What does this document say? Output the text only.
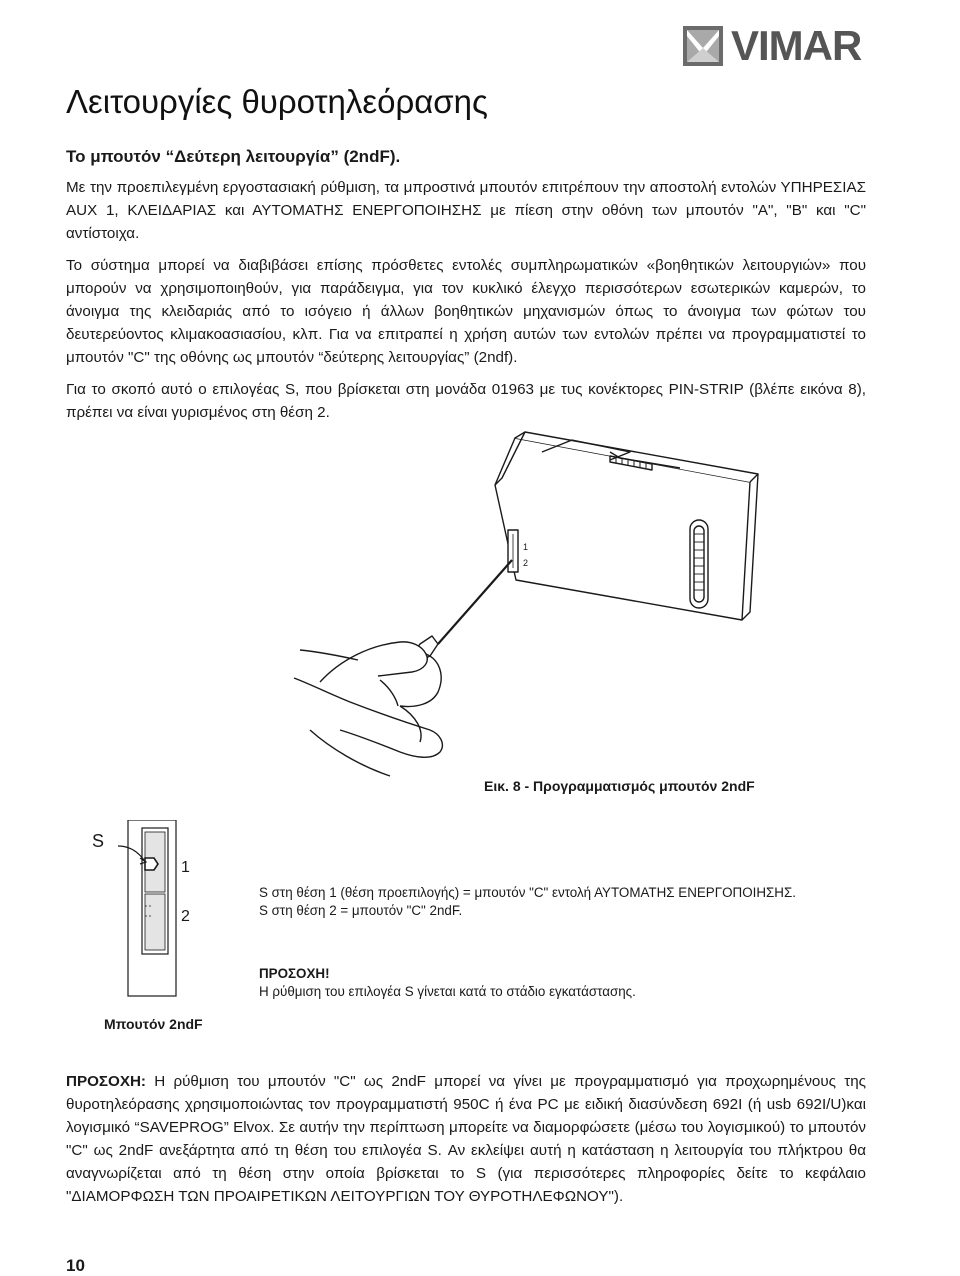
VIMAR
Λειτουργίες θυροτηλεόρασης
Το μπουτόν “Δεύτερη λειτουργία” (2ndF).

Με την προεπιλεγμένη εργοστασιακή ρύθμιση, τα μπροστινά μπουτόν επιτρέπουν την αποστολή εντολών ΥΠΗΡΕΣΙΑΣ AUX 1, ΚΛΕΙΔΑΡΙΑΣ και ΑΥΤΟΜΑΤΗΣ ΕΝΕΡΓΟΠΟΙΗΣΗΣ με πίεση στην οθόνη των μπουτόν "A", "B" και "C" αντίστοιχα.

Το σύστημα μπορεί να διαβιβάσει επίσης πρόσθετες εντολές συμπληρωματικών «βοηθητικών λειτουργιών» που μπορούν να χρησιμοποιηθούν, για παράδειγμα, για τον κυκλικό έλεγχο περισσότερων εσωτερικών καμερών, το άνοιγμα της κλειδαριάς από το ισόγειο ή άλλων βοηθητικών μηχανισμών όπως το άνοιγμα των φώτων του δευτερεύοντος κλιμακοασιασίου, κλπ. Για να επιτραπεί η χρήση αυτών των εντολών πρέπει να προγραμματιστεί το μπουτόν "C" της οθόνης ως μπουτόν “δεύτερης λειτουργίας” (2ndf).

Για το σκοπό αυτό ο επιλογέας S, που βρίσκεται στη μονάδα 01963 με τυς κονέκτορες PIN-STRIP (βλέπε εικόνα 8), πρέπει να είναι γυρισμένος στη θέση 2.

1
2
Εικ. 8 - Προγραμματισμός μπουτόν 2ndF
S
1
2
Μπουτόν 2ndF
S στη θέση 1 (θέση προεπιλογής) = μπουτόν "C" εντολή ΑΥΤΟΜΑΤΗΣ ΕΝΕΡΓΟΠΟΙΗΣΗΣ.
S στη θέση 2 = μπουτόν "C" 2ndF.
ΠΡΟΣΟΧΗ!
Η ρύθμιση του επιλογέα S γίνεται κατά το στάδιο εγκατάστασης.

ΠΡΟΣΟΧΗ: Η ρύθμιση του μπουτόν "C" ως 2ndF μπορεί να γίνει με προγραμματισμό για προχωρημένους της θυροτηλεόρασης χρησιμοποιώντας τον προγραμματιστή 950C ή ένα PC με ειδική διασύνδεση 692I (ή usb 692I/U)και λογισμικό “SAVEPROG” Elvox. Σε αυτήν την περίπτωση μπορείτε να διαμορφώσετε (μέσω του λογισμικού) το μπουτόν "C" ως 2ndF ανεξάρτητα από τη θέση του επιλογέα S. Αν εκλείψει αυτή η κατάσταση η λειτουργία του πλήκτρου θα αναγνωρίζεται από τη θέση στην οποία βρίσκεται το S (για περισσότερες πληροφορίες δείτε το κεφάλαιο "ΔΙΑΜΟΡΦΩΣΗ ΤΩΝ ΠΡΟΑΙΡΕΤΙΚΩΝ ΛΕΙΤΟΥΡΓΙΩΝ ΤΟΥ ΘΥΡΟΤΗΛΕΦΩΝΟΥ").

10
